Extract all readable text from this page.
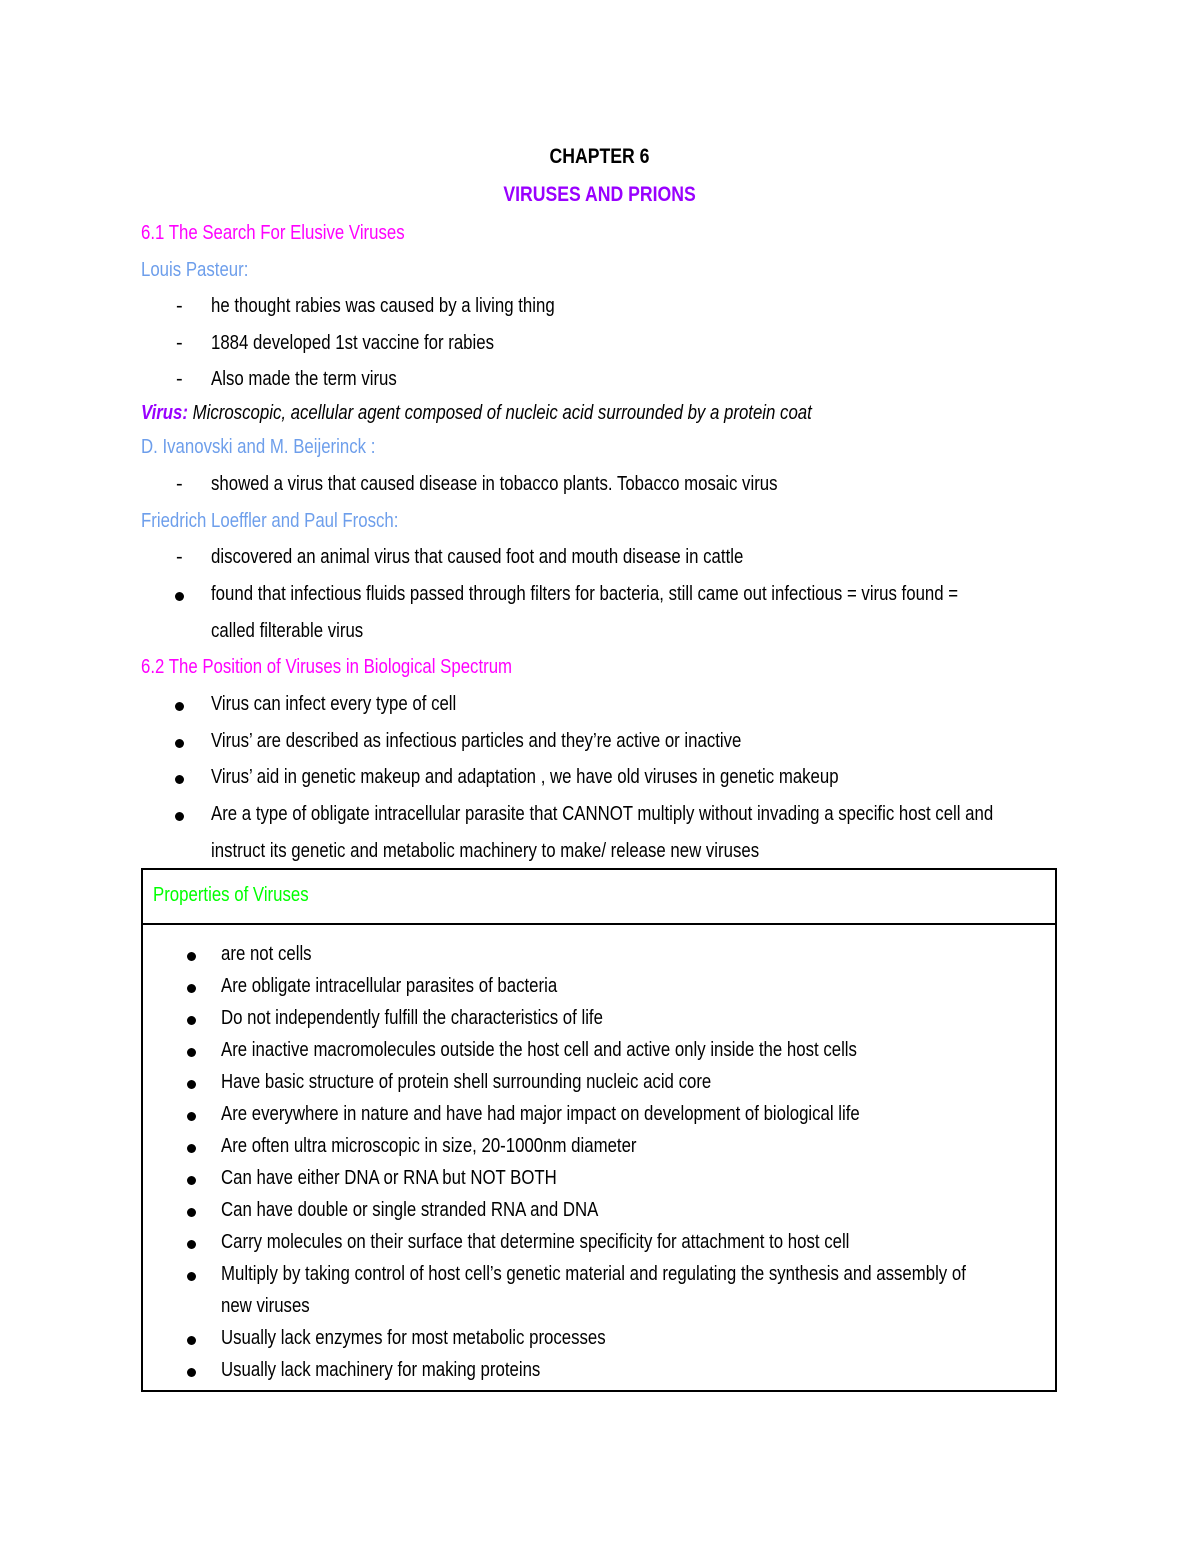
CHAPTER 6
VIRUSES AND PRIONS
6.1 The Search For Elusive Viruses
Louis Pasteur:
- he thought rabies was caused by a living thing
- 1884 developed 1st vaccine for rabies
- Also made the term virus
Virus: Microscopic, acellular agent composed of nucleic acid surrounded by a protein coat
D. Ivanovski and M. Beijerinck :
- showed a virus that caused disease in tobacco plants. Tobacco mosaic virus
Friedrich Loeffler and Paul Frosch:
- discovered an animal virus that caused foot and mouth disease in cattle
found that infectious fluids passed through filters for bacteria, still came out infectious = virus found =
called filterable virus
6.2 The Position of Viruses in Biological Spectrum
Virus can infect every type of cell
Virus’ are described as infectious particles and they’re active or inactive
Virus’ aid in genetic makeup and adaptation , we have old viruses in genetic makeup
Are a type of obligate intracellular parasite that CANNOT multiply without invading a specific host cell and
instruct its genetic and metabolic machinery to make/ release new viruses
Properties of Viruses
are not cells
Are obligate intracellular parasites of bacteria
Do not independently fulfill the characteristics of life
Are inactive macromolecules outside the host cell and active only inside the host cells
Have basic structure of protein shell surrounding nucleic acid core
Are everywhere in nature and have had major impact on development of biological life
Are often ultra microscopic in size, 20-1000nm diameter
Can have either DNA or RNA but NOT BOTH
Can have double or single stranded RNA and DNA
Carry molecules on their surface that determine specificity for attachment to host cell
Multiply by taking control of host cell’s genetic material and regulating the synthesis and assembly of
new viruses
Usually lack enzymes for most metabolic processes
Usually lack machinery for making proteins
